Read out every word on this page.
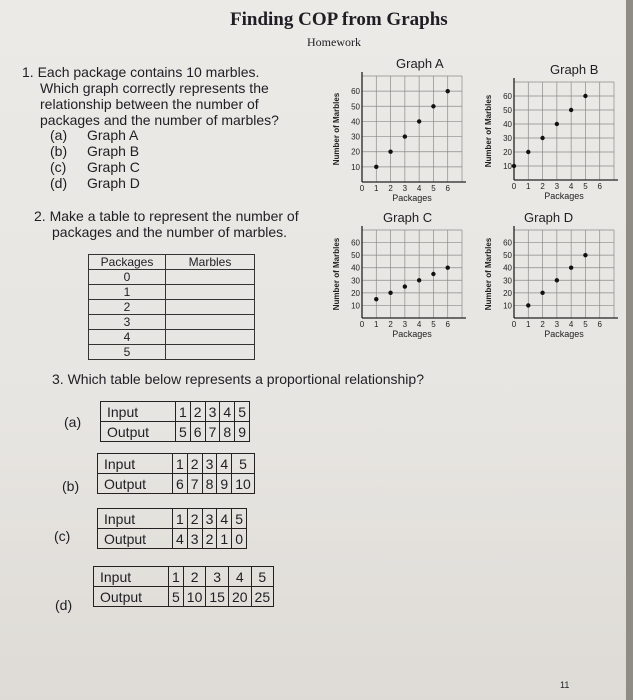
Finding COP from Graphs
Homework
1. Each package contains 10 marbles.
Which graph correctly represents the
relationship between the number of
packages and the number of marbles?
(a) Graph A
(b) Graph B
(c) Graph C
(d) Graph D
2. Make a table to represent the number of
packages and the number of marbles.
Packages	Marbles
0	
1	
2	
3	
4	
5	
Graph A	Graph B
Graph C	Graph D
0 1 2 3 4 5 6
10
20
30
40
50
60
Packages
Number of Marbles
0 1 2 3 4 5 6
10
20
30
40
50
60
Packages
Number of Marbles
0 1 2 3 4 5 6
10
20
30
40
50
60
Packages
Number of Marbles
0 1 2 3 4 5 6
10
20
30
40
50
60
Packages
Number of Marbles
3. Which table below represents a proportional relationship?
(a)
Input	1	2	3	4	5
Output	5	6	7	8	9
(b)
Input	1	2	3	4	5
Output	6	7	8	9	10
(c)
Input	1	2	3	4	5
Output	4	3	2	1	0
(d)
Input	1	2	3	4	5
Output	5	10	15	20	25
11
